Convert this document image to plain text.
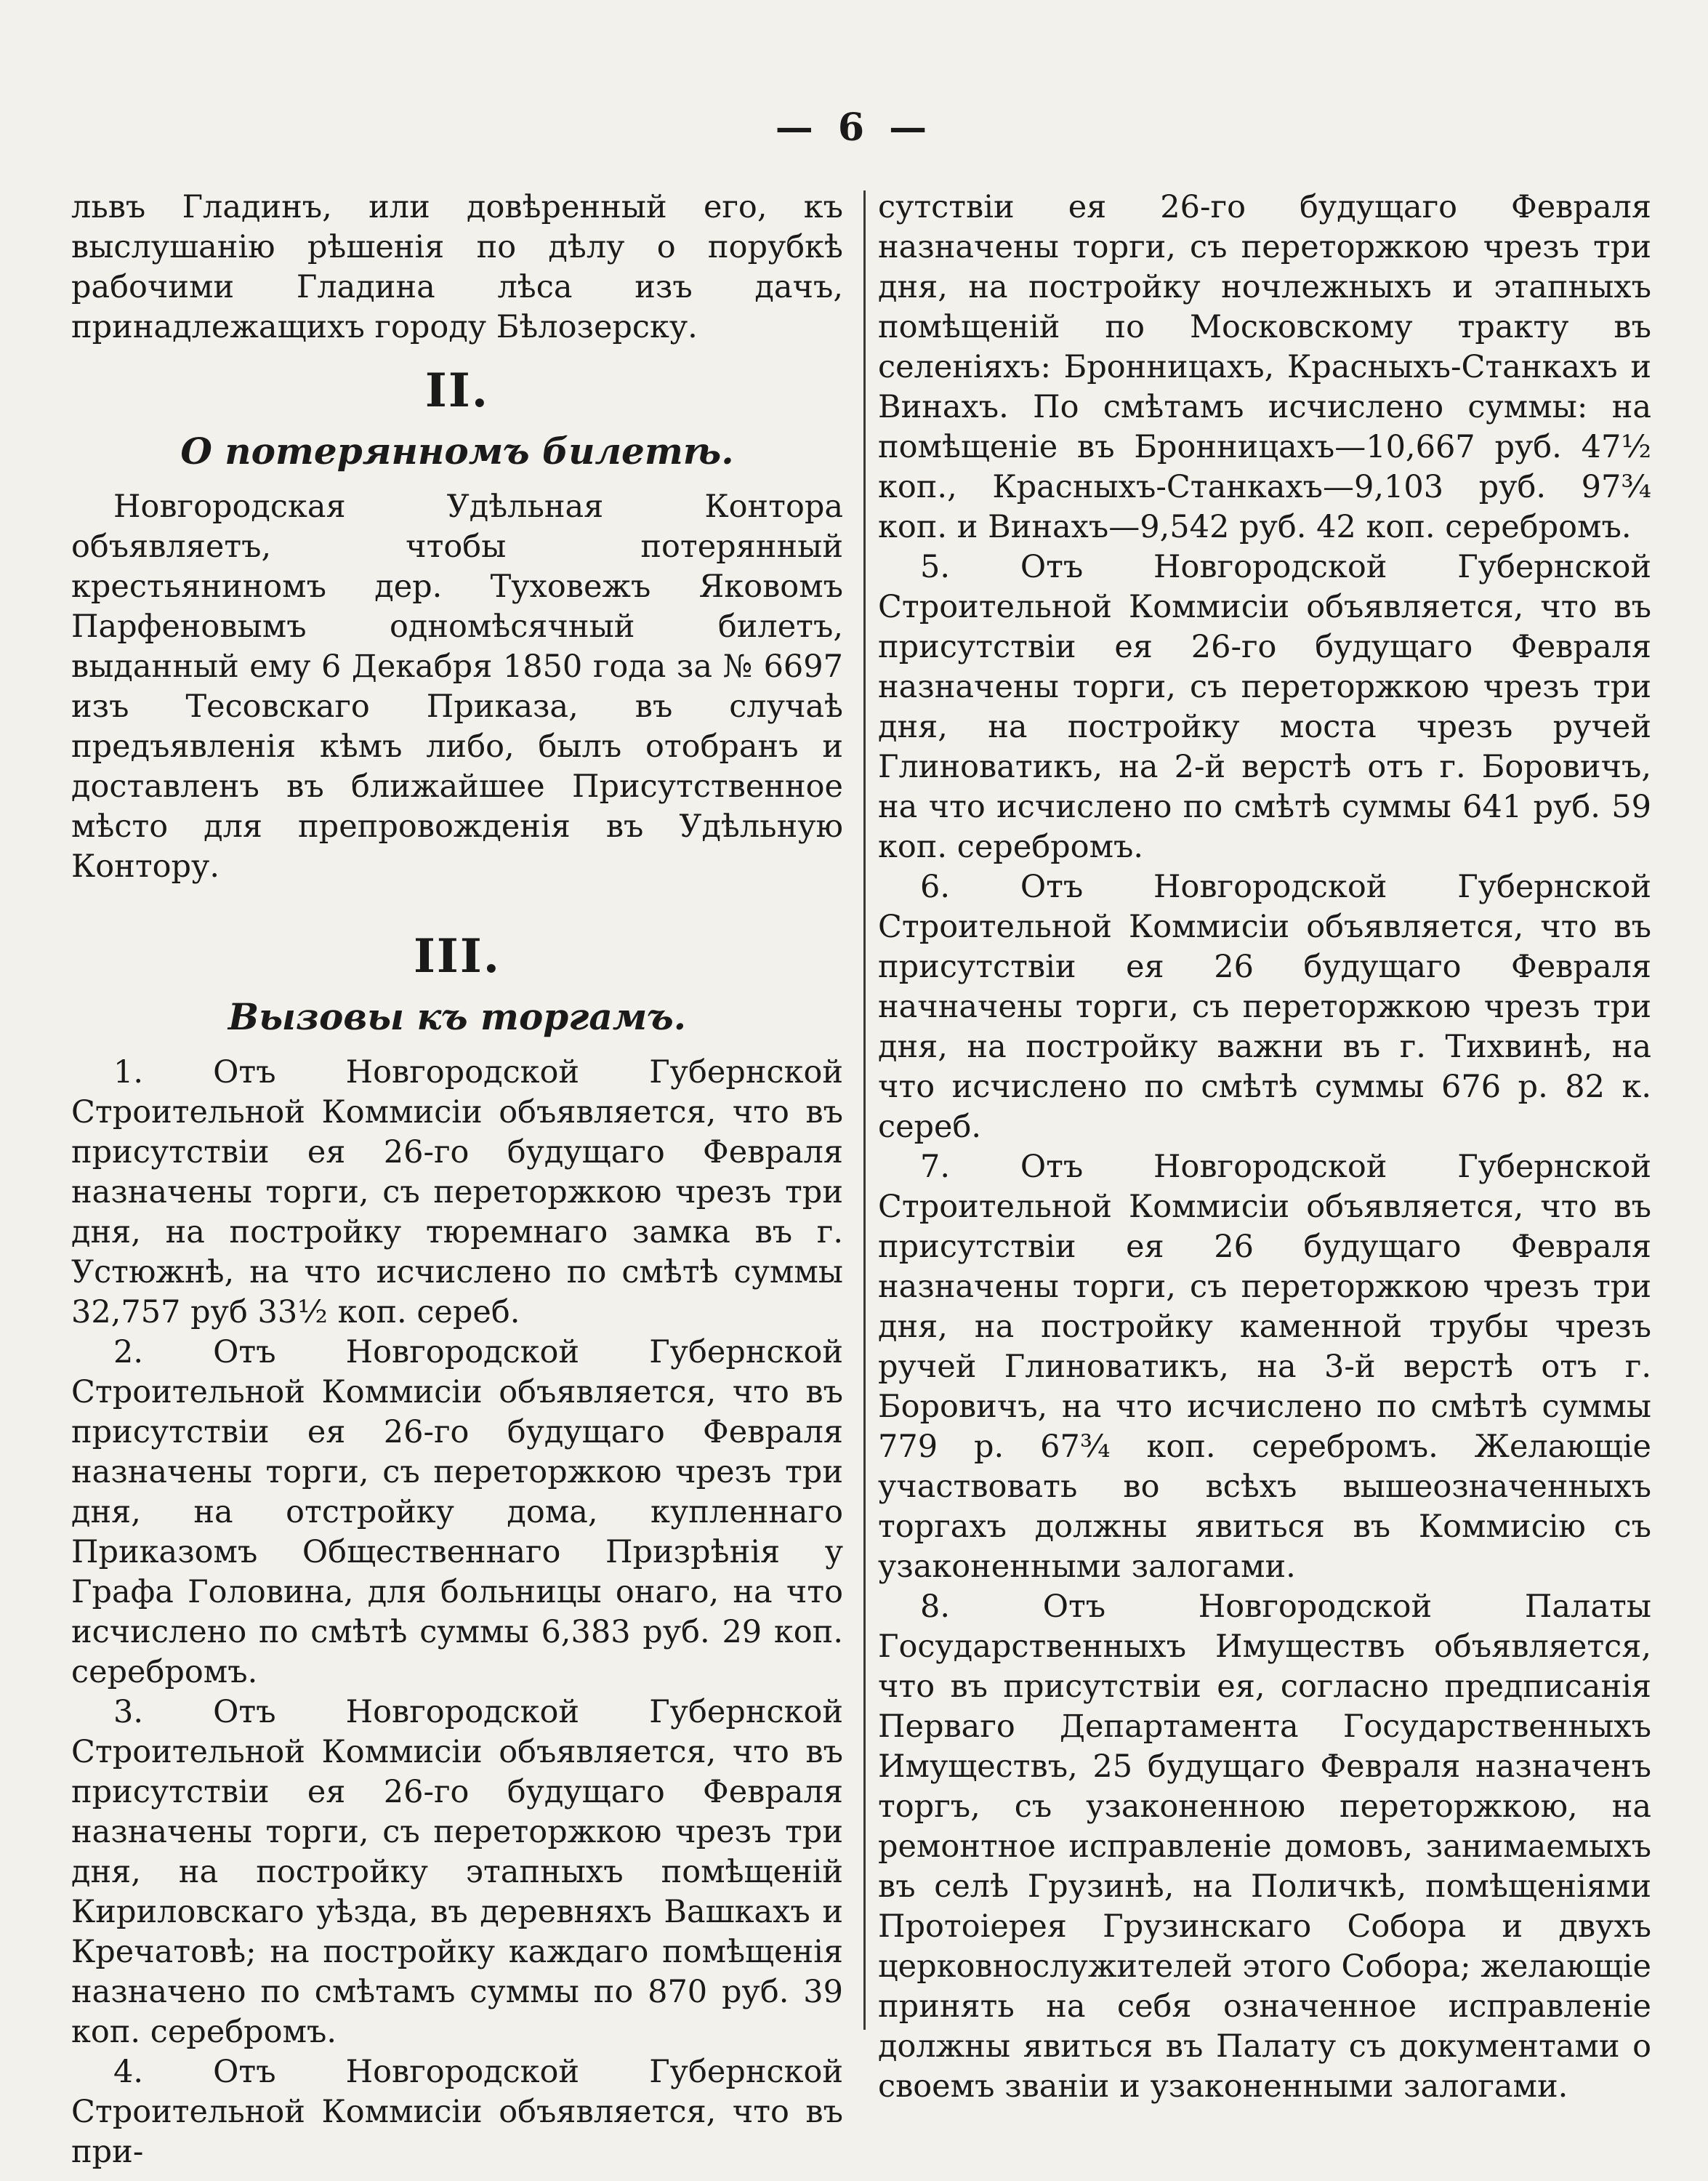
— 6 —

львъ Гладинъ, или довѣренный его, къ выслушанію рѣшенія по дѣлу о порубкѣ рабочими Гладина лѣса изъ дачъ, принадлежащихъ городу Бѣлозерску.

II.
О потерянномъ билетѣ.

Новгородская Удѣльная Контора объявляетъ, чтобы потерянный крестьяниномъ дер. Туховежъ Яковомъ Парфеновымъ одномѣсячный билетъ, выданный ему 6 Декабря 1850 года за № 6697 изъ Тесовскаго Приказа, въ случаѣ предъявленія кѣмъ либо, былъ отобранъ и доставленъ въ ближайшее Присутственное мѣсто для препровожденія въ Удѣльную Контору.

III.
Вызовы къ торгамъ.

1. Отъ Новгородской Губернской Строительной Коммисіи объявляется, что въ присутствіи ея 26-го будущаго Февраля назначены торги, съ переторжкою чрезъ три дня, на постройку тюремнаго замка въ г. Устюжнѣ, на что исчислено по смѣтѣ суммы 32,757 руб 33½ коп. сереб.

2. Отъ Новгородской Губернской Строительной Коммисіи объявляется, что въ присутствіи ея 26-го будущаго Февраля назначены торги, съ переторжкою чрезъ три дня, на отстройку дома, купленнаго Приказомъ Общественнаго Призрѣнія у Графа Головина, для больницы онаго, на что исчислено по смѣтѣ суммы 6,383 руб. 29 коп. серебромъ.

3. Отъ Новгородской Губернской Строительной Коммисіи объявляется, что въ присутствіи ея 26-го будущаго Февраля назначены торги, съ переторжкою чрезъ три дня, на постройку этапныхъ помѣщеній Кириловскаго уѣзда, въ деревняхъ Вашкахъ и Кречатовѣ; на постройку каждаго помѣщенія назначено по смѣтамъ суммы по 870 руб. 39 коп. серебромъ.

4. Отъ Новгородской Губернской Строительной Коммисіи объявляется, что въ при-

сутствіи ея 26-го будущаго Февраля назначены торги, съ переторжкою чрезъ три дня, на постройку ночлежныхъ и этапныхъ помѣщеній по Московскому тракту въ селеніяхъ: Бронницахъ, Красныхъ-Станкахъ и Винахъ. По смѣтамъ исчислено суммы: на помѣщеніе въ Бронницахъ—10,667 руб. 47½ коп., Красныхъ-Станкахъ—9,103 руб. 97¾ коп. и Винахъ—9,542 руб. 42 коп. серебромъ.

5. Отъ Новгородской Губернской Строительной Коммисіи объявляется, что въ присутствіи ея 26-го будущаго Февраля назначены торги, съ переторжкою чрезъ три дня, на постройку моста чрезъ ручей Глиноватикъ, на 2-й верстѣ отъ г. Боровичъ, на что исчислено по смѣтѣ суммы 641 руб. 59 коп. серебромъ.

6. Отъ Новгородской Губернской Строительной Коммисіи объявляется, что въ присутствіи ея 26 будущаго Февраля начначены торги, съ переторжкою чрезъ три дня, на постройку важни въ г. Тихвинѣ, на что исчислено по смѣтѣ суммы 676 р. 82 к. сереб.

7. Отъ Новгородской Губернской Строительной Коммисіи объявляется, что въ присутствіи ея 26 будущаго Февраля назначены торги, съ переторжкою чрезъ три дня, на постройку каменной трубы чрезъ ручей Глиноватикъ, на 3-й верстѣ отъ г. Боровичъ, на что исчислено по смѣтѣ суммы 779 р. 67¾ коп. серебромъ. Желающіе участвовать во всѣхъ вышеозначенныхъ торгахъ должны явиться въ Коммисію съ узаконенными залогами.

8. Отъ Новгородской Палаты Государственныхъ Имуществъ объявляется, что въ присутствіи ея, согласно предписанія Перваго Департамента Государственныхъ Имуществъ, 25 будущаго Февраля назначенъ торгъ, съ узаконенною переторжкою, на ремонтное исправленіе домовъ, занимаемыхъ въ селѣ Грузинѣ, на Поличкѣ, помѣщеніями Протоіерея Грузинскаго Собора и двухъ церковнослужителей этого Собора; желающіе принять на себя означенное исправленіе должны явиться въ Палату съ документами о своемъ званіи и узаконенными залогами.
